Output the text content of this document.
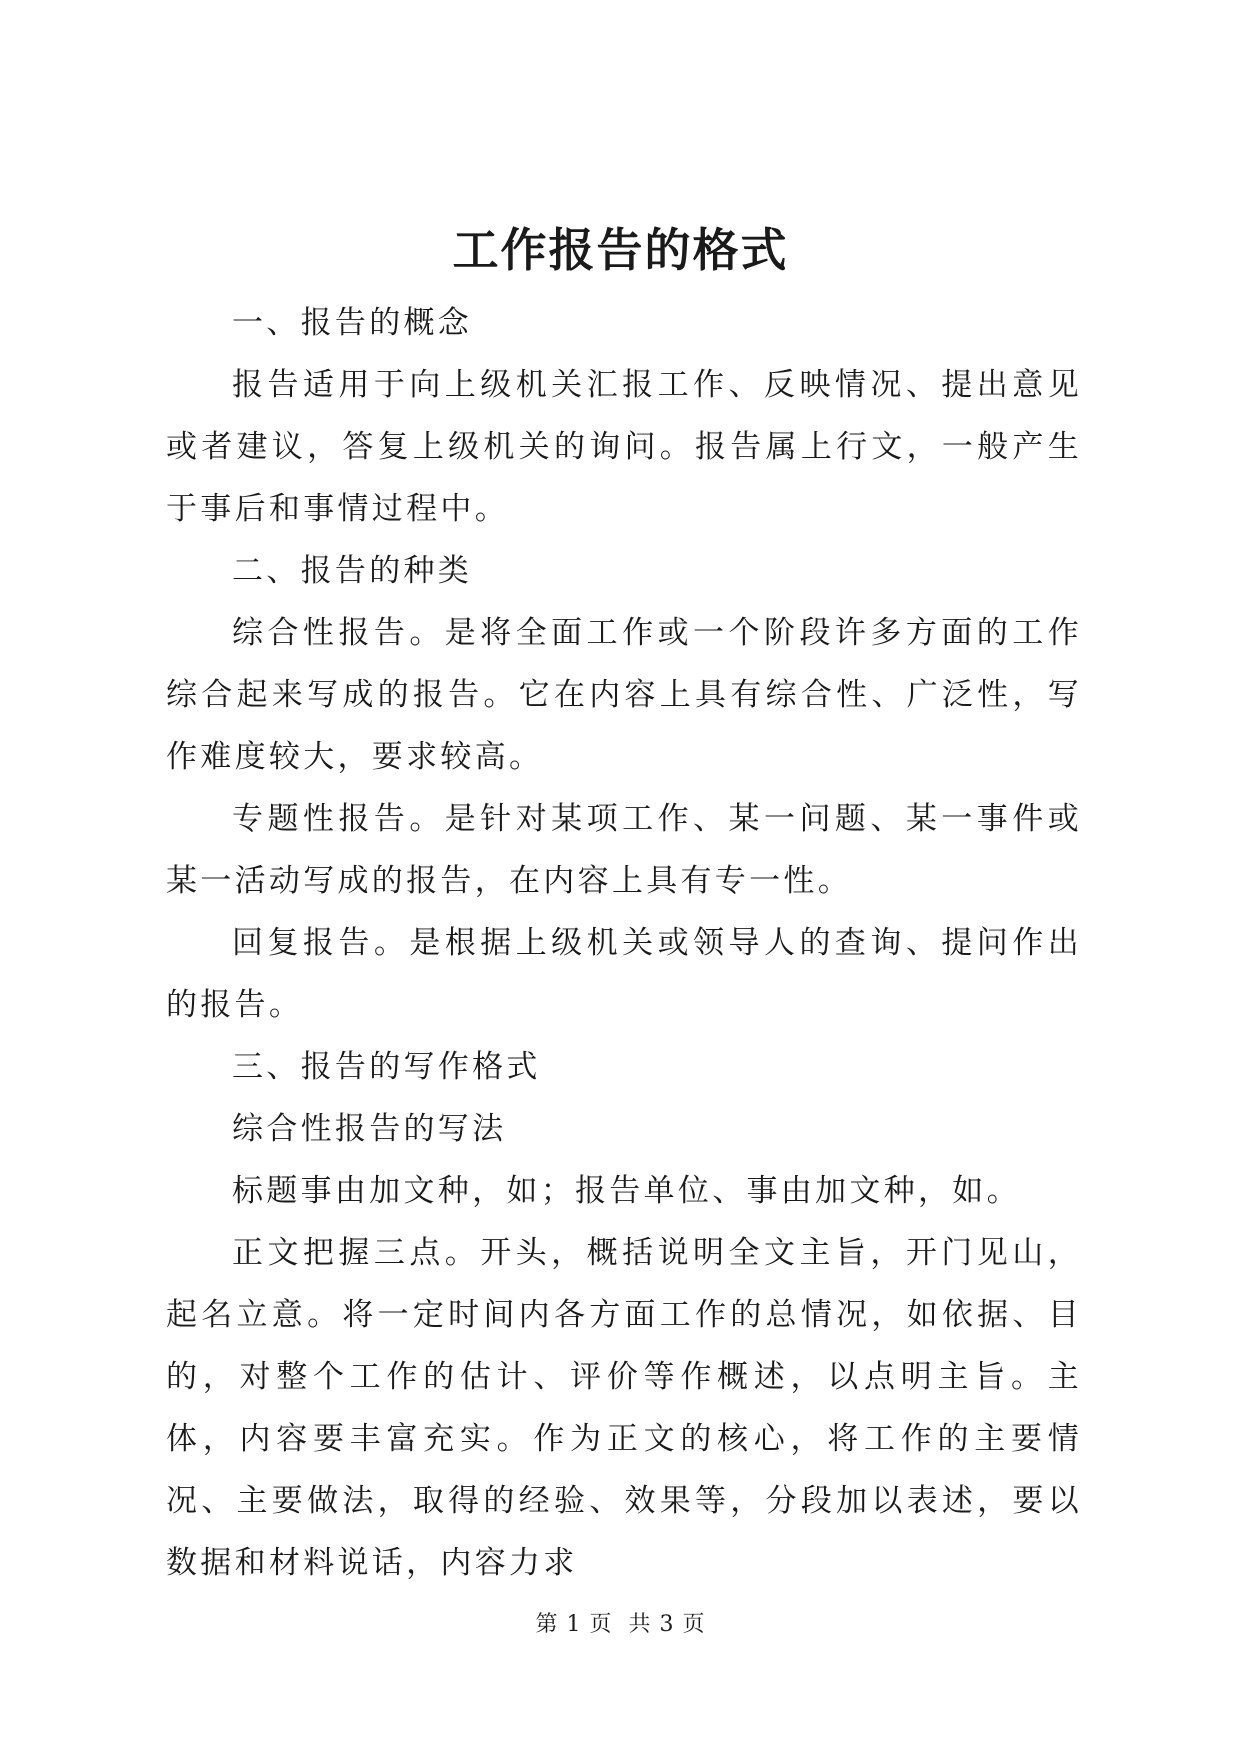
工作报告的格式

一、报告的概念

报告适用于向上级机关汇报工作、反映情况、提出意见或者建议，答复上级机关的询问。报告属上行文，一般产生于事后和事情过程中。

二、报告的种类

综合性报告。是将全面工作或一个阶段许多方面的工作综合起来写成的报告。它在内容上具有综合性、广泛性，写作难度较大，要求较高。

专题性报告。是针对某项工作、某一问题、某一事件或某一活动写成的报告，在内容上具有专一性。

回复报告。是根据上级机关或领导人的查询、提问作出的报告。

三、报告的写作格式

综合性报告的写法

标题事由加文种，如；报告单位、事由加文种，如。

正文把握三点。开头，概括说明全文主旨，开门见山，起名立意。将一定时间内各方面工作的总情况，如依据、目的，对整个工作的估计、评价等作概述，以点明主旨。主体，内容要丰富充实。作为正文的核心，将工作的主要情况、主要做法，取得的经验、效果等，分段加以表述，要以数据和材料说话，内容力求

第 1 页  共 3 页
